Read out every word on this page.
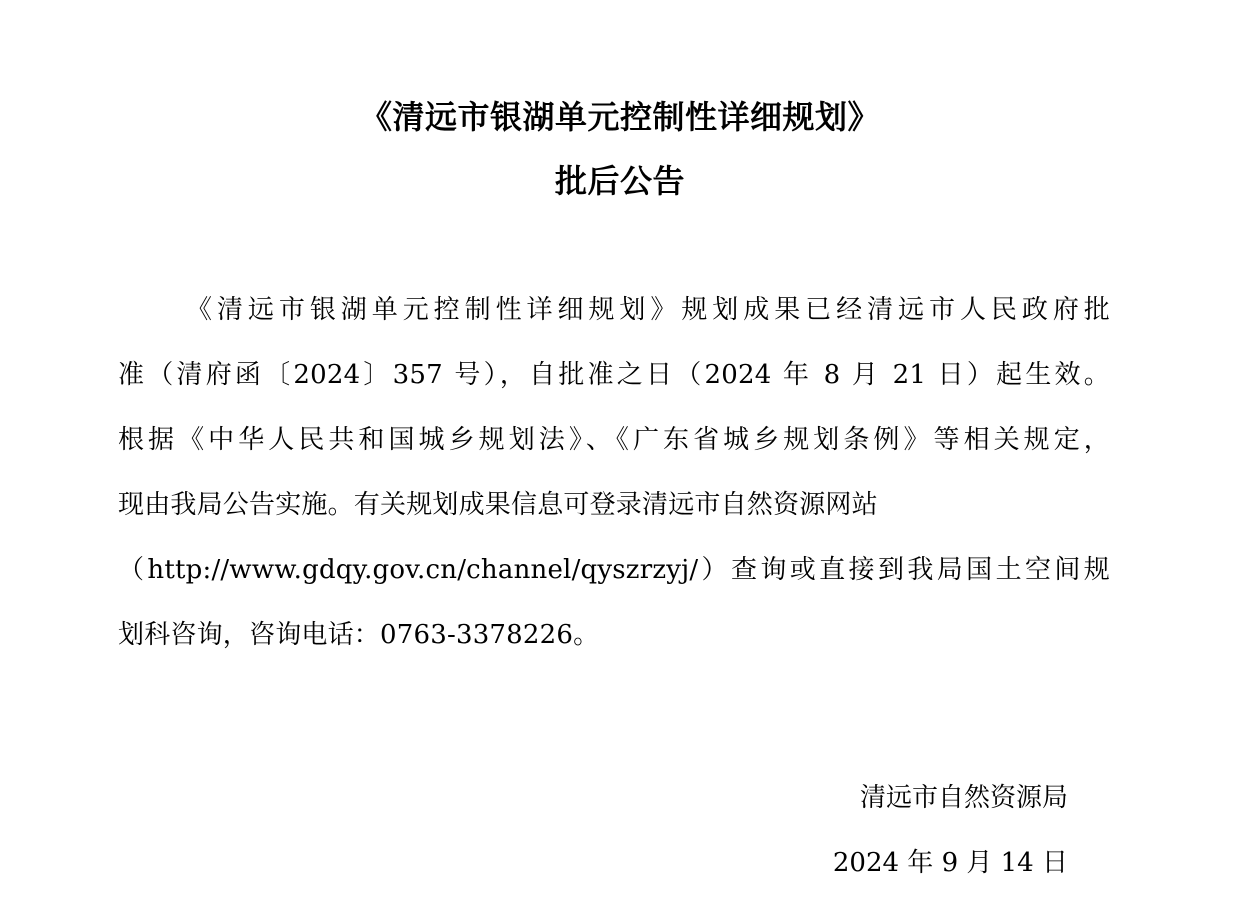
《清远市银湖单元控制性详细规划》
批后公告
《清远市银湖单元控制性详细规划》规划成果已经清远市人民政府批
准（清府函〔2024〕357 号），自批准之日（2024 年 8 月 21 日）起生效。
根据《中华人民共和国城乡规划法》、《广东省城乡规划条例》等相关规定，
现由我局公告实施。有关规划成果信息可登录清远市自然资源网站
（http://www.gdqy.gov.cn/channel/qyszrzyj/）查询或直接到我局国土空间规
划科咨询，咨询电话：0763-3378226。
清远市自然资源局
2024 年 9 月 14 日
